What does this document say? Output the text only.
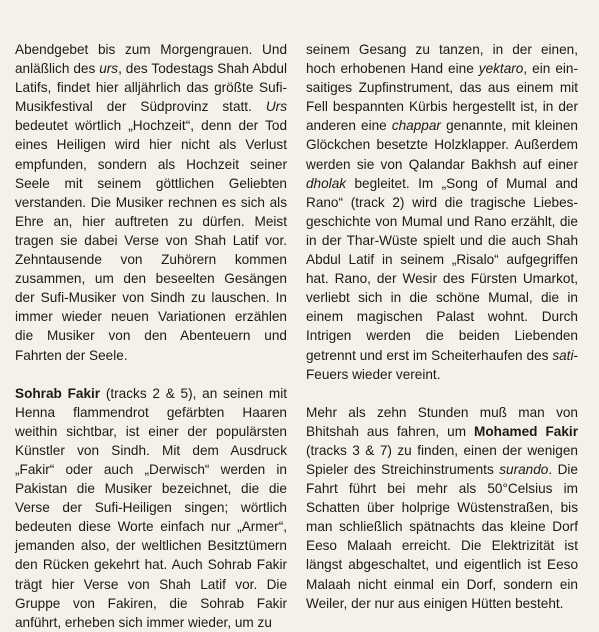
Abendgebet bis zum Morgengrauen. Und anläßlich des urs, des Todestags Shah Abdul Latifs, findet hier alljährlich das größte Sufi-Musikfestival der Südprovinz statt. Urs bedeutet wörtlich „Hochzeit“, denn der Tod eines Heiligen wird hier nicht als Verlust empfunden, sondern als Hochzeit seiner Seele mit seinem göttlichen Geliebten verstanden. Die Musiker rechnen es sich als Ehre an, hier auftreten zu dürfen. Meist tragen sie dabei Verse von Shah Latif vor. Zehntausende von Zuhörern kommen zusammen, um den beseelten Gesängen der Sufi-Musiker von Sindh zu lauschen. In immer wieder neuen Variationen erzählen die Musiker von den Abenteuern und Fahrten der Seele.

Sohrab Fakir (tracks 2 & 5), an seinen mit Henna flammendrot gefärbten Haaren weithin sichtbar, ist einer der populärsten Künstler von Sindh. Mit dem Ausdruck „Fakir“ oder auch „Derwisch“ werden in Pakistan die Musiker bezeichnet, die die Verse der Sufi-Heiligen singen; wörtlich bedeuten diese Worte einfach nur „Armer“, jemanden also, der weltlichen Besitztümern den Rücken gekehrt hat. Auch Sohrab Fakir trägt hier Verse von Shah Latif vor. Die Gruppe von Fakiren, die Sohrab Fakir anführt, erheben sich immer wieder, um zu

seinem Gesang zu tanzen, in der einen, hoch erhobenen Hand eine yektaro, ein einsaitiges Zupfinstrument, das aus einem mit Fell bespannten Kürbis hergestellt ist, in der anderen eine chappar genannte, mit kleinen Glöckchen besetzte Holzklapper. Außerdem werden sie von Qalandar Bakhsh auf einer dholak begleitet. Im „Song of Mumal and Rano“ (track 2) wird die tragische Liebesgeschichte von Mumal und Rano erzählt, die in der Thar-Wüste spielt und die auch Shah Abdul Latif in seinem „Risalo“ aufgegriffen hat. Rano, der Wesir des Fürsten Umarkot, verliebt sich in die schöne Mumal, die in einem magischen Palast wohnt. Durch Intrigen werden die beiden Liebenden getrennt und erst im Scheiterhaufen des sati-Feuers wieder vereint.

Mehr als zehn Stunden muß man von Bhitshah aus fahren, um Mohamed Fakir (tracks 3 & 7) zu finden, einen der wenigen Spieler des Streichinstruments surando. Die Fahrt führt bei mehr als 50°Celsius im Schatten über holprige Wüstenstraßen, bis man schließlich spätnachts das kleine Dorf Eeso Malaah erreicht. Die Elektrizität ist längst abgeschaltet, und eigentlich ist Eeso Malaah nicht einmal ein Dorf, sondern ein Weiler, der nur aus einigen Hütten besteht.
